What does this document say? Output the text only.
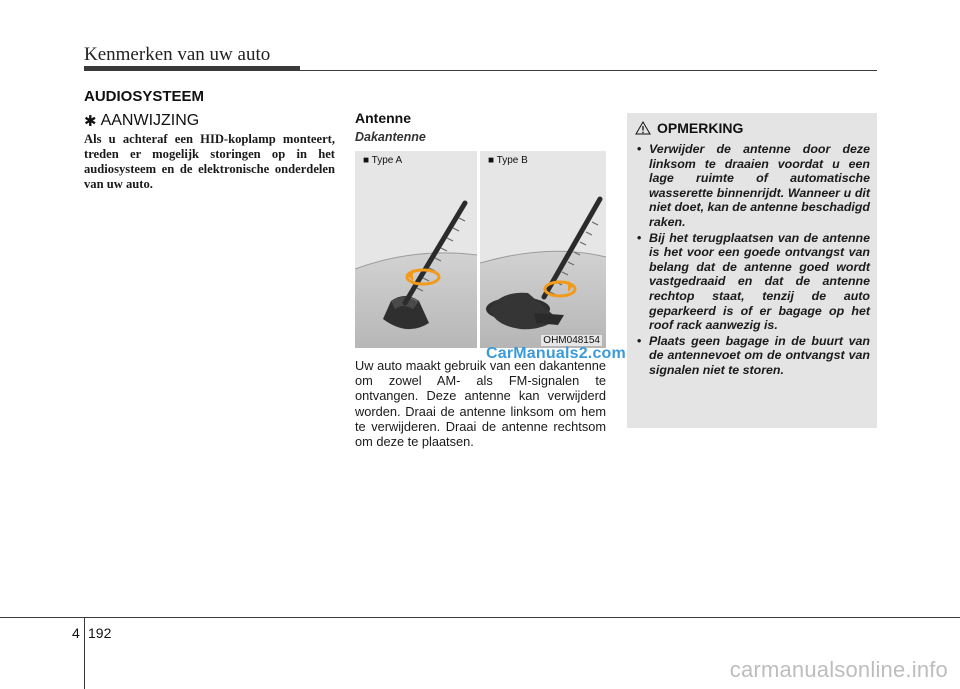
Kenmerken van uw auto
AUDIOSYSTEEM
✱ AANWIJZING
Als u achteraf een HID-koplamp monteert, treden er mogelijk storingen op in het audiosysteem en de elektronische onderdelen van uw auto.
Antenne
Dakantenne
■ Type A	■ Type B
OHM048154
Uw auto maakt gebruik van een dakantenne om zowel AM- als FM-signalen te ontvangen. Deze antenne kan verwijderd worden. Draai de antenne linksom om hem te verwijderen. Draai de antenne rechtsom om deze te plaatsen.
CarManuals2.com
OPMERKING
• Verwijder de antenne door deze linksom te draaien voordat u een lage ruimte of automatische wasserette binnenrijdt. Wanneer u dit niet doet, kan de antenne beschadigd raken.
• Bij het terugplaatsen van de antenne is het voor een goede ontvangst van belang dat de antenne goed wordt vastgedraaid en dat de antenne rechtop staat, tenzij de auto geparkeerd is of er bagage op het roof rack aanwezig is.
• Plaats geen bagage in de buurt van de antennevoet om de ontvangst van signalen niet te storen.
4 192
carmanualsonline.info
